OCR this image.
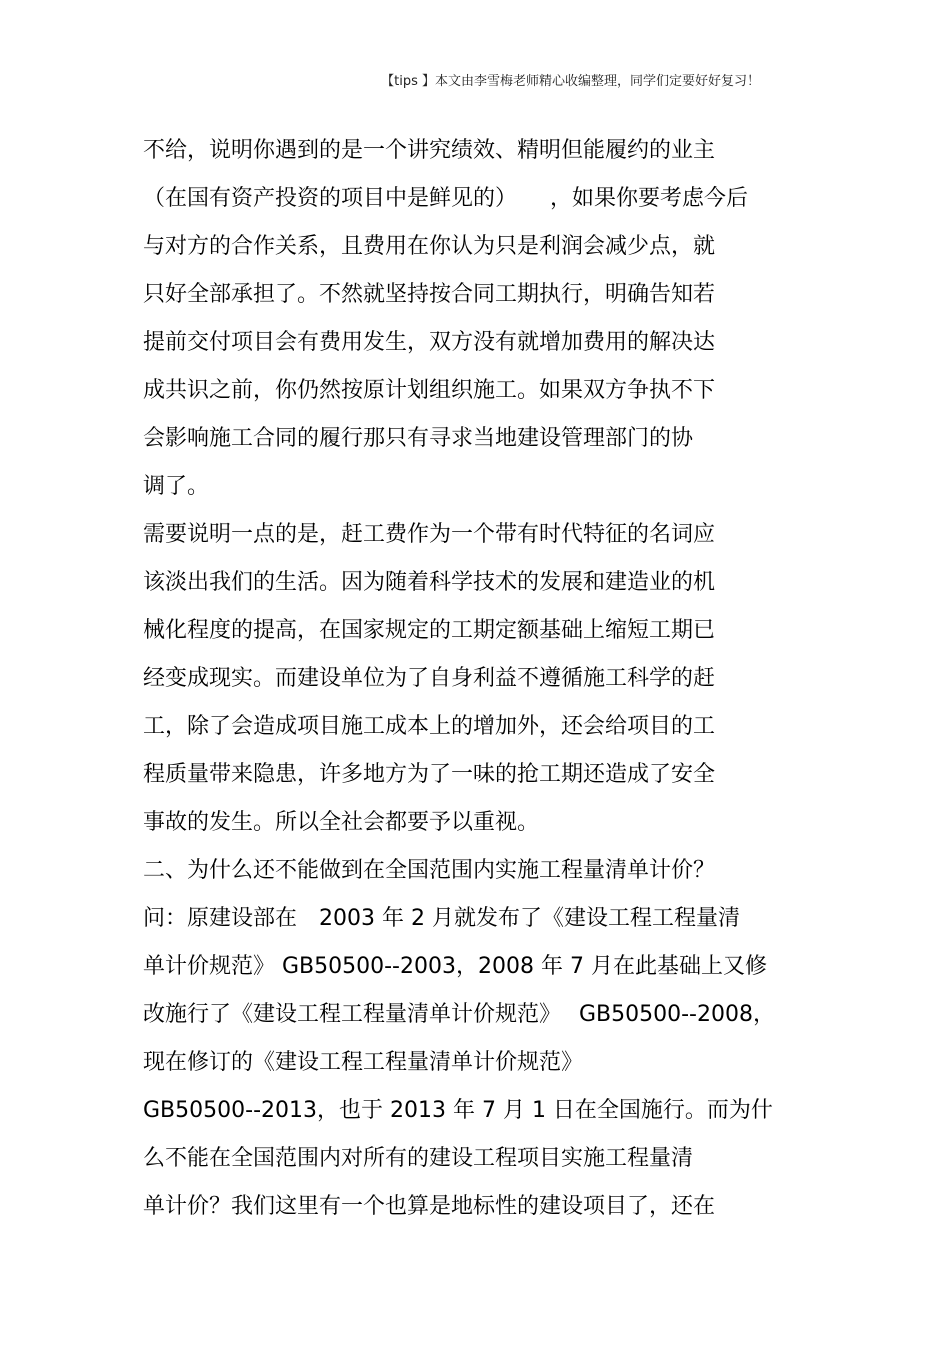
【tips 】本文由李雪梅老师精心收编整理，同学们定要好好复习！
不给，说明你遇到的是一个讲究绩效、精明但能履约的业主
（在国有资产投资的项目中是鲜见的）　　，如果你要考虑今后
与对方的合作关系，且费用在你认为只是利润会减少点，就
只好全部承担了。不然就坚持按合同工期执行，明确告知若
提前交付项目会有费用发生，双方没有就增加费用的解决达
成共识之前，你仍然按原计划组织施工。如果双方争执不下
会影响施工合同的履行那只有寻求当地建设管理部门的协
调了。
需要说明一点的是，赶工费作为一个带有时代特征的名词应
该淡出我们的生活。因为随着科学技术的发展和建造业的机
械化程度的提高，在国家规定的工期定额基础上缩短工期已
经变成现实。而建设单位为了自身利益不遵循施工科学的赶
工，除了会造成项目施工成本上的增加外，还会给项目的工
程质量带来隐患，许多地方为了一味的抢工期还造成了安全
事故的发生。所以全社会都要予以重视。
二、为什么还不能做到在全国范围内实施工程量清单计价？
问：原建设部在　2003 年 2 月就发布了《建设工程工程量清
单计价规范》 GB50500--2003，2008 年 7 月在此基础上又修
改施行了《建设工程工程量清单计价规范》　 GB50500--2008，
现在修订的《建设工程工程量清单计价规范》
GB50500--2013，也于 2013 年 7 月 1 日在全国施行。而为什
么不能在全国范围内对所有的建设工程项目实施工程量清
单计价？我们这里有一个也算是地标性的建设项目了，还在
